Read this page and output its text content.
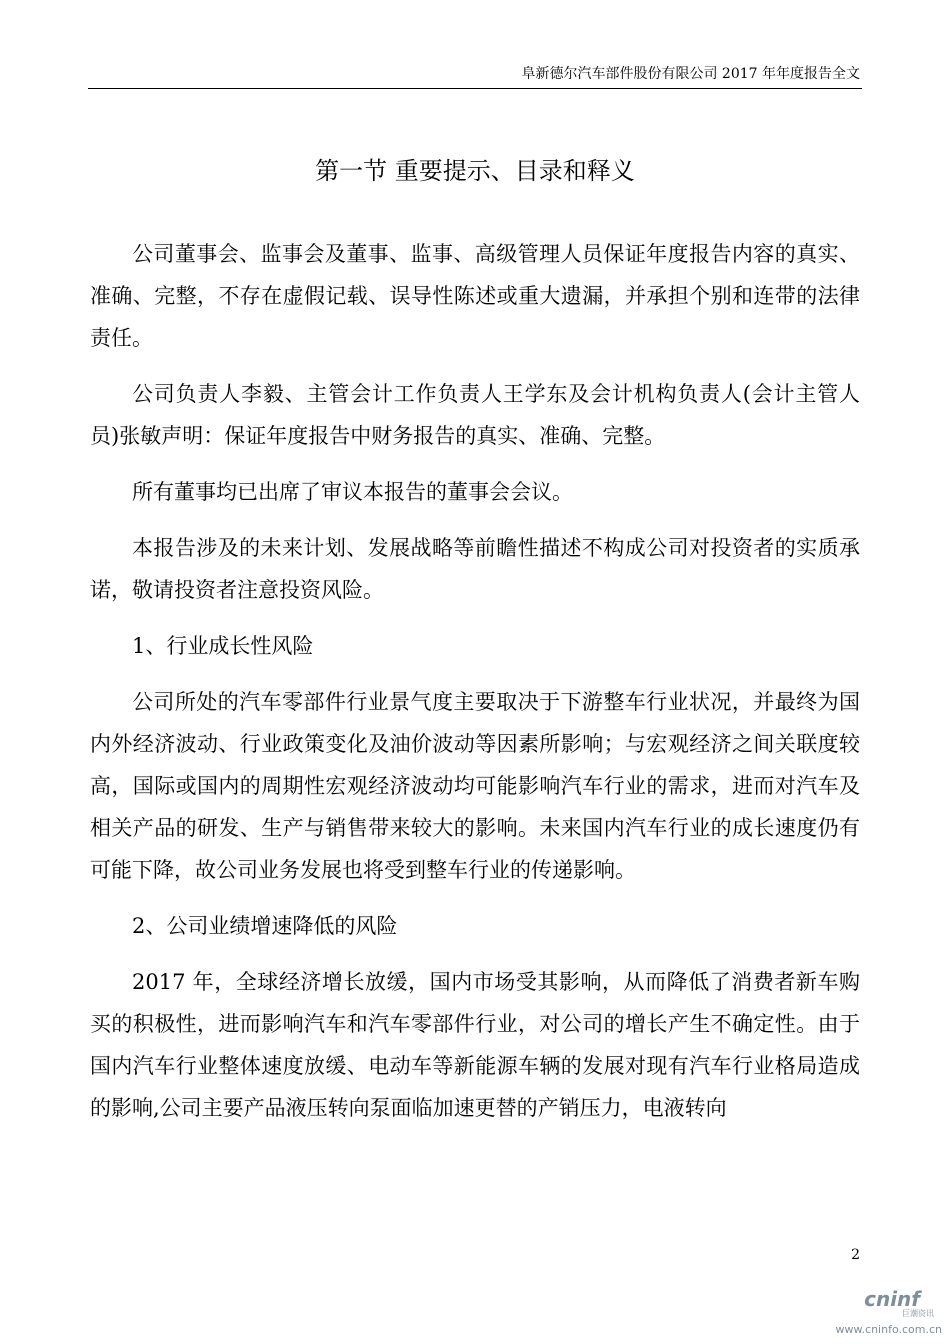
阜新德尔汽车部件股份有限公司 2017 年年度报告全文
第一节 重要提示、目录和释义

公司董事会、监事会及董事、监事、高级管理人员保证年度报告内容的真实、准确、完整，不存在虚假记载、误导性陈述或重大遗漏，并承担个别和连带的法律责任。

公司负责人李毅、主管会计工作负责人王学东及会计机构负责人(会计主管人员)张敏声明：保证年度报告中财务报告的真实、准确、完整。

所有董事均已出席了审议本报告的董事会会议。

本报告涉及的未来计划、发展战略等前瞻性描述不构成公司对投资者的实质承诺，敬请投资者注意投资风险。

1、行业成长性风险

公司所处的汽车零部件行业景气度主要取决于下游整车行业状况，并最终为国内外经济波动、行业政策变化及油价波动等因素所影响；与宏观经济之间关联度较高，国际或国内的周期性宏观经济波动均可能影响汽车行业的需求，进而对汽车及相关产品的研发、生产与销售带来较大的影响。未来国内汽车行业的成长速度仍有可能下降，故公司业务发展也将受到整车行业的传递影响。

2、公司业绩增速降低的风险

2017 年，全球经济增长放缓，国内市场受其影响，从而降低了消费者新车购买的积极性，进而影响汽车和汽车零部件行业，对公司的增长产生不确定性。由于国内汽车行业整体速度放缓、电动车等新能源车辆的发展对现有汽车行业格局造成的影响,公司主要产品液压转向泵面临加速更替的产销压力，电液转向

2
cninf
巨潮资讯
www.cninfo.com.cn
